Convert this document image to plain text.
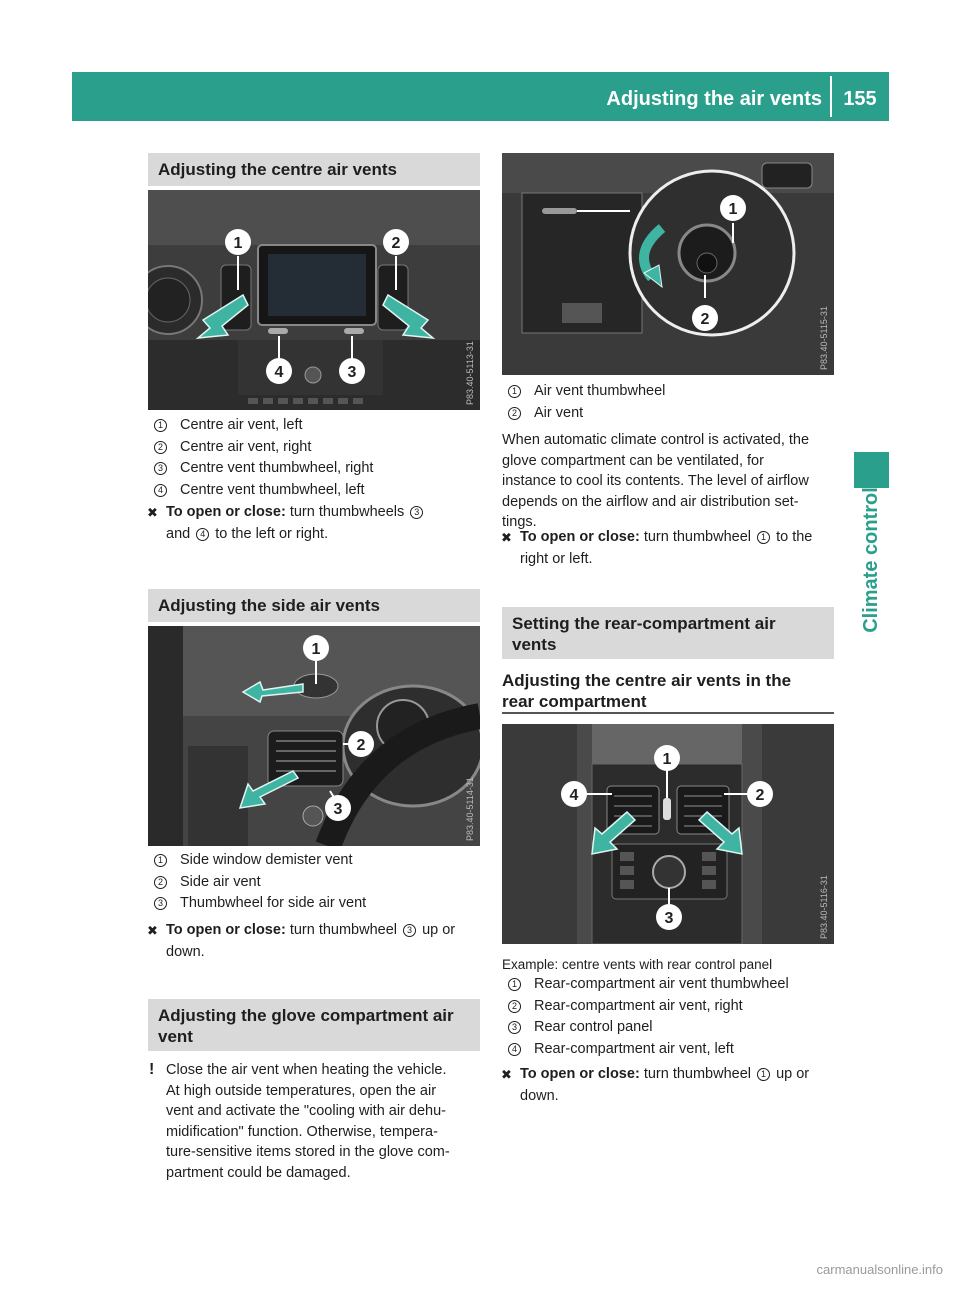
Adjusting the air vents 155
Climate control
Adjusting the centre air vents
1	2
4	3	P83.40-5113-31
1 Centre air vent, left
2 Centre air vent, right
3 Centre vent thumbwheel, right
4 Centre vent thumbwheel, left
✖ To open or close: turn thumbwheels 3
and 4 to the left or right.
Adjusting the side air vents
1
2
3	P83.40-5114-31
1 Side window demister vent
2 Side air vent
3 Thumbwheel for side air vent
✖ To open or close: turn thumbwheel 3 up or down.
Adjusting the glove compartment air
vent
! Close the air vent when heating the vehicle.
At high outside temperatures, open the air
vent and activate the "cooling with air dehu-
midification" function. Otherwise, tempera-
ture-sensitive items stored in the glove com-
partment could be damaged.
1
2	P83.40-5115-31
1 Air vent thumbwheel
2 Air vent
When automatic climate control is activated, the
glove compartment can be ventilated, for
instance to cool its contents. The level of airflow
depends on the airflow and air distribution set-
tings.
✖ To open or close: turn thumbwheel 1 to the
right or left.
Setting the rear-compartment air
vents
Adjusting the centre air vents in the
rear compartment
1
4	2
3	P83.40-5116-31
Example: centre vents with rear control panel
1 Rear-compartment air vent thumbwheel
2 Rear-compartment air vent, right
3 Rear control panel
4 Rear-compartment air vent, left
✖ To open or close: turn thumbwheel 1 up or
down.
carmanualsonline.info
